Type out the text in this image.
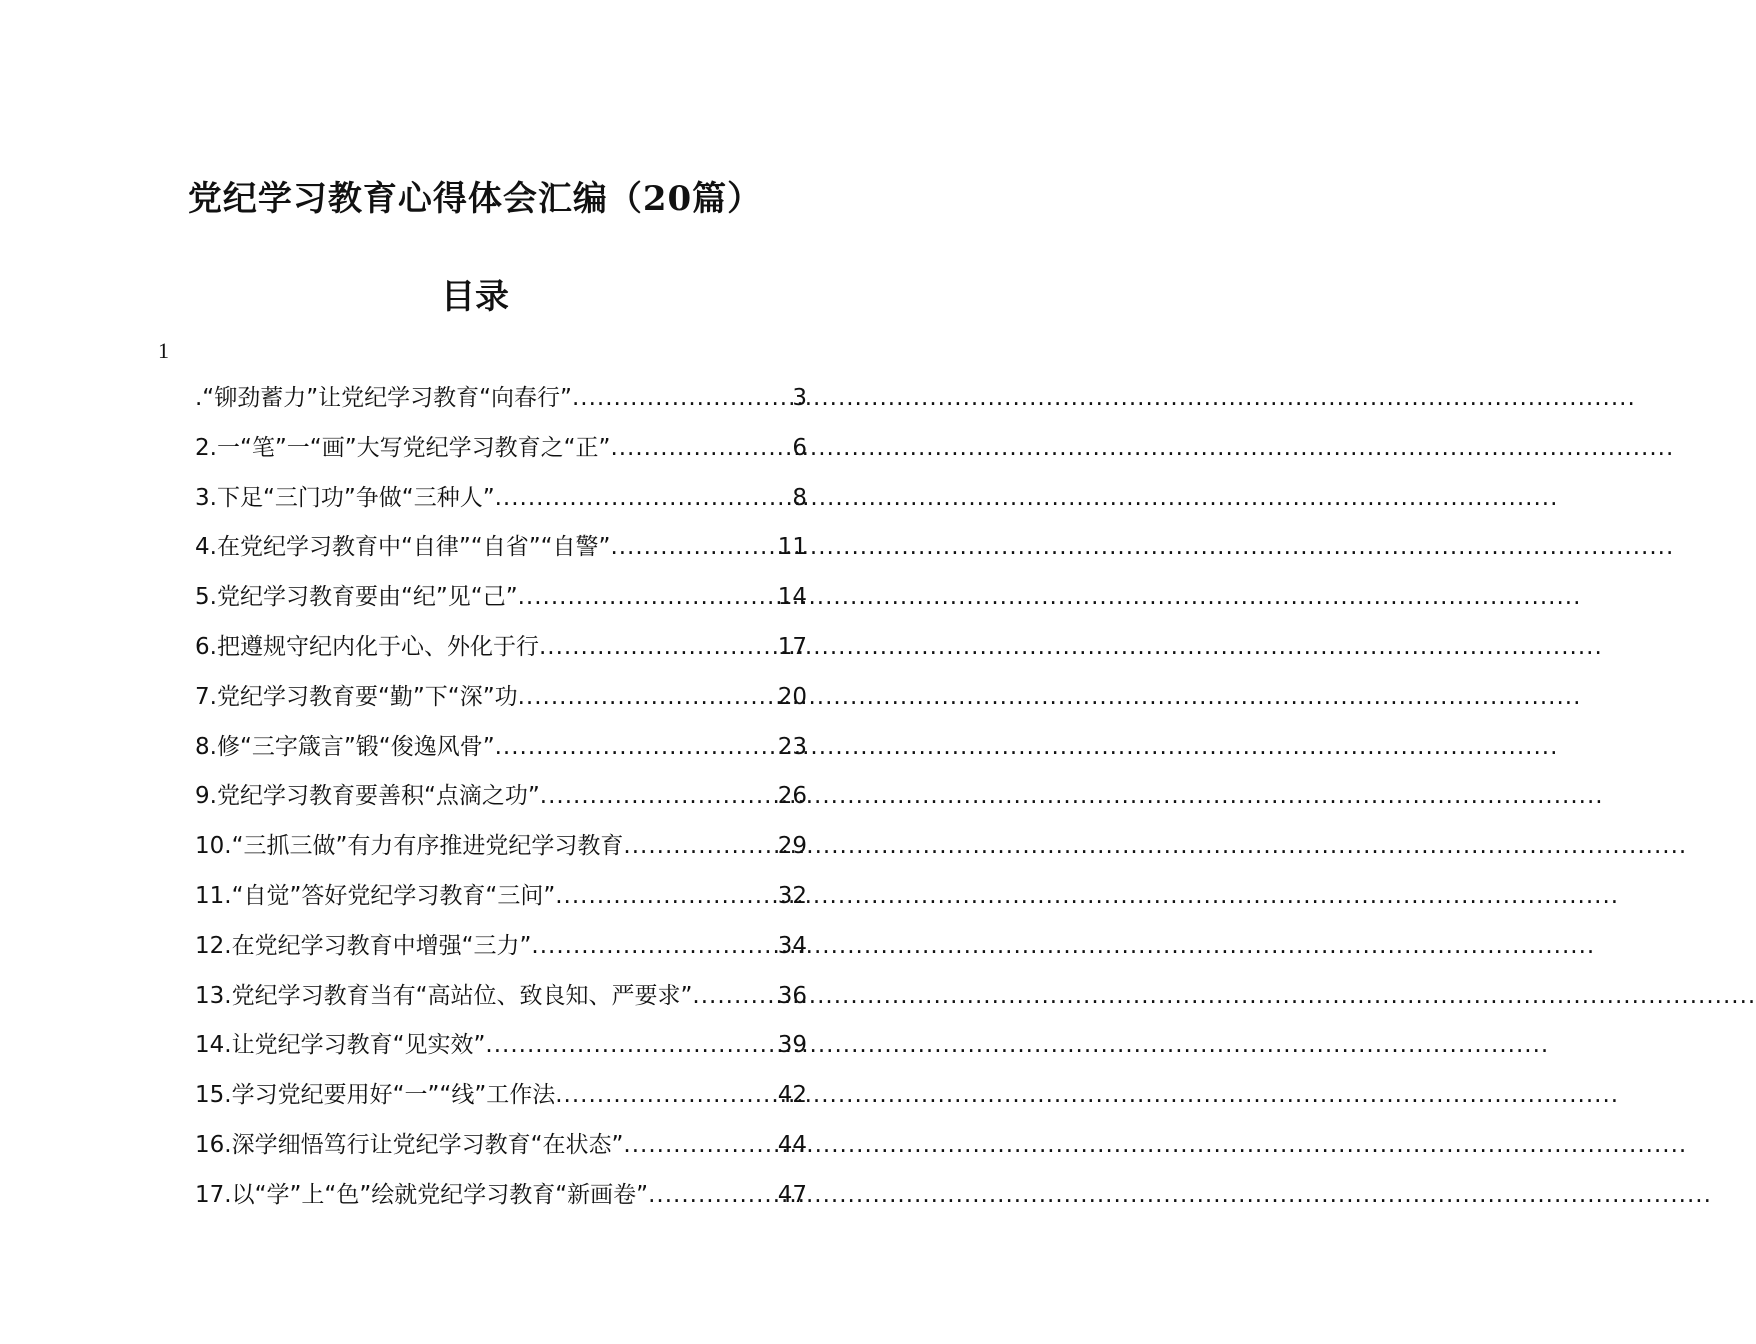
党纪学习教育心得体会汇编（20篇）
目录
1
.“铆劲蓄力”让党纪学习教育“向春行” .....	3
2.一“笔”一“画”大写党纪学习教育之“正” .....	6
3.下足“三门功”争做“三种人” .....	8
4.在党纪学习教育中“自律”“自省”“自警” .....	11
5.党纪学习教育要由“纪”见“己” .....	14
6.把遵规守纪内化于心、外化于行 .....	17
7.党纪学习教育要“勤”下“深”功 .....	20
8.修“三字箴言”锻“俊逸风骨” .....	23
9.党纪学习教育要善积“点滴之功” .....	26
10.“三抓三做”有力有序推进党纪学习教育 .....	29
11.“自觉”答好党纪学习教育“三问” .....	32
12.在党纪学习教育中增强“三力” .....	34
13.党纪学习教育当有“高站位、致良知、严要求” .....	36
14.让党纪学习教育“见实效” .....	39
15.学习党纪要用好“一”“线”工作法 .....	42
16.深学细悟笃行让党纪学习教育“在状态” .....	44
17.以“学”上“色”绘就党纪学习教育“新画卷” .....	47
